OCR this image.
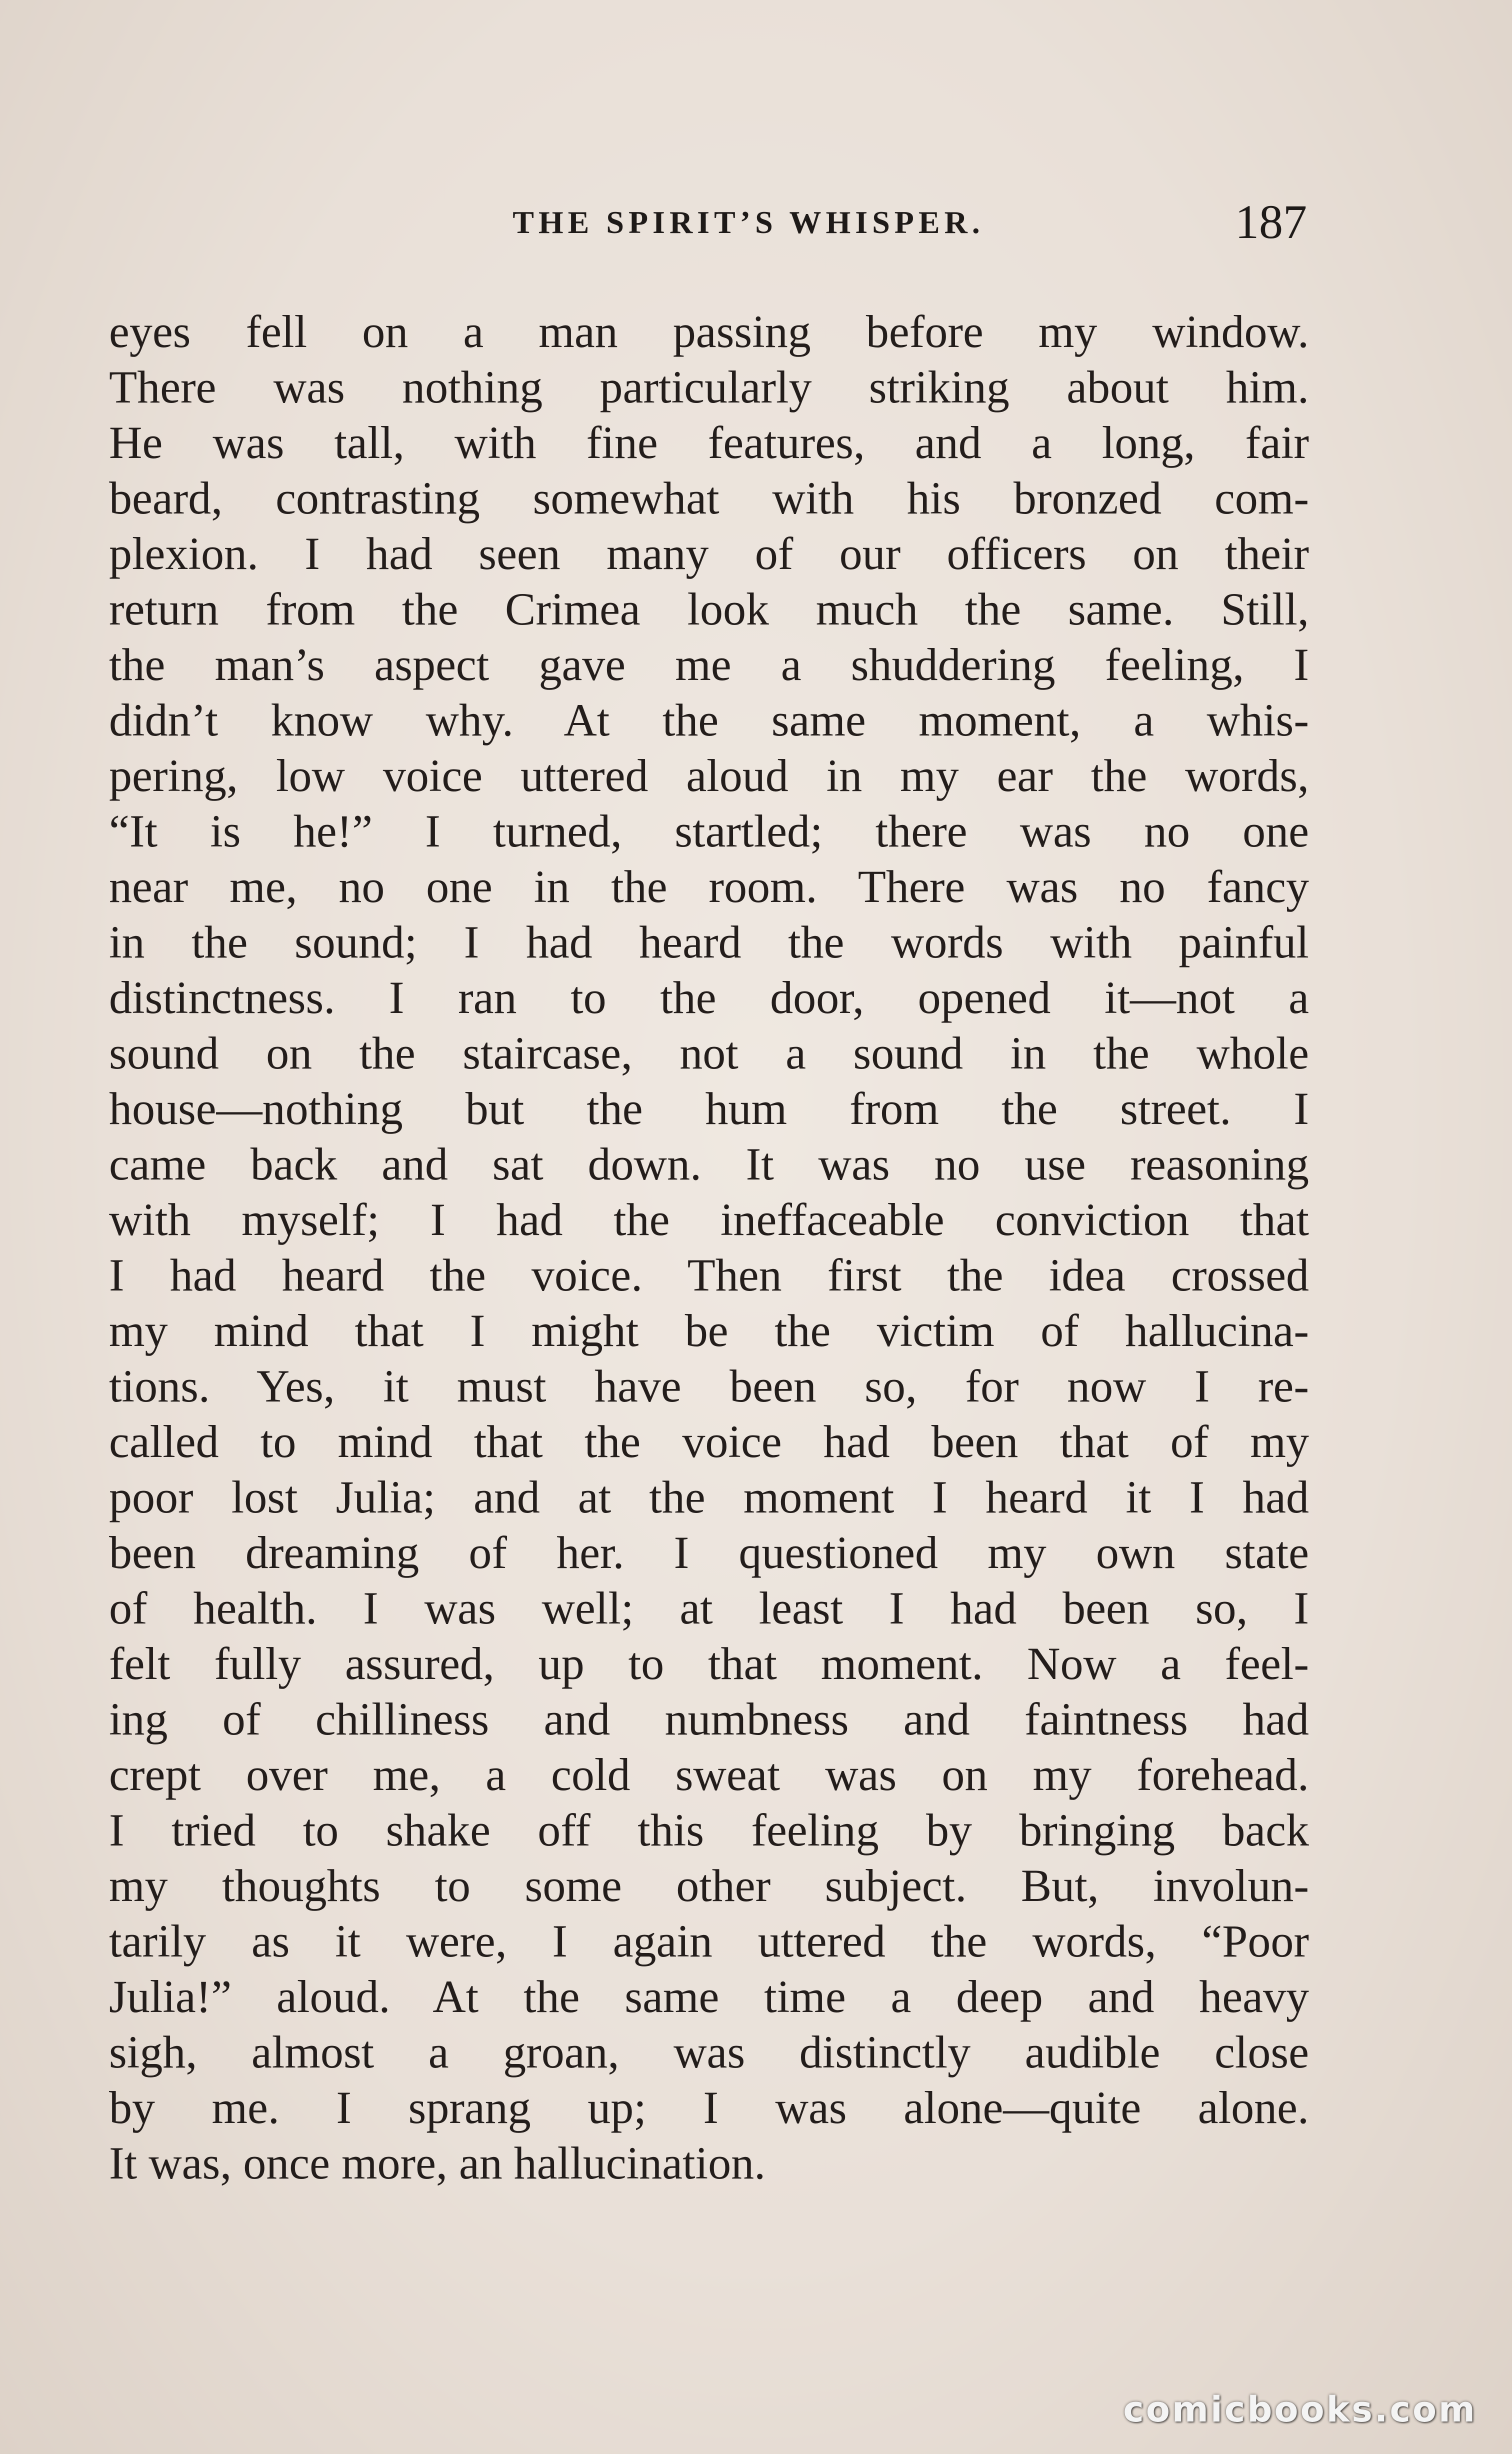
THE SPIRIT’S WHISPER.	187
eyes fell on a man passing before my window.
There was nothing particularly striking about him.
He was tall, with fine features, and a long, fair
beard, contrasting somewhat with his bronzed com-
plexion. I had seen many of our officers on their
return from the Crimea look much the same. Still,
the man’s aspect gave me a shuddering feeling, I
didn’t know why. At the same moment, a whis-
pering, low voice uttered aloud in my ear the words,
“It is he!” I turned, startled; there was no one
near me, no one in the room. There was no fancy
in the sound; I had heard the words with painful
distinctness. I ran to the door, opened it—not a
sound on the staircase, not a sound in the whole
house—nothing but the hum from the street. I
came back and sat down. It was no use reasoning
with myself; I had the ineffaceable conviction that
I had heard the voice. Then first the idea crossed
my mind that I might be the victim of hallucina-
tions. Yes, it must have been so, for now I re-
called to mind that the voice had been that of my
poor lost Julia; and at the moment I heard it I had
been dreaming of her. I questioned my own state
of health. I was well; at least I had been so, I
felt fully assured, up to that moment. Now a feel-
ing of chilliness and numbness and faintness had
crept over me, a cold sweat was on my forehead.
I tried to shake off this feeling by bringing back
my thoughts to some other subject. But, involun-
tarily as it were, I again uttered the words, “Poor
Julia!” aloud. At the same time a deep and heavy
sigh, almost a groan, was distinctly audible close
by me. I sprang up; I was alone—quite alone.
It was, once more, an hallucination.
comicbooks.com
